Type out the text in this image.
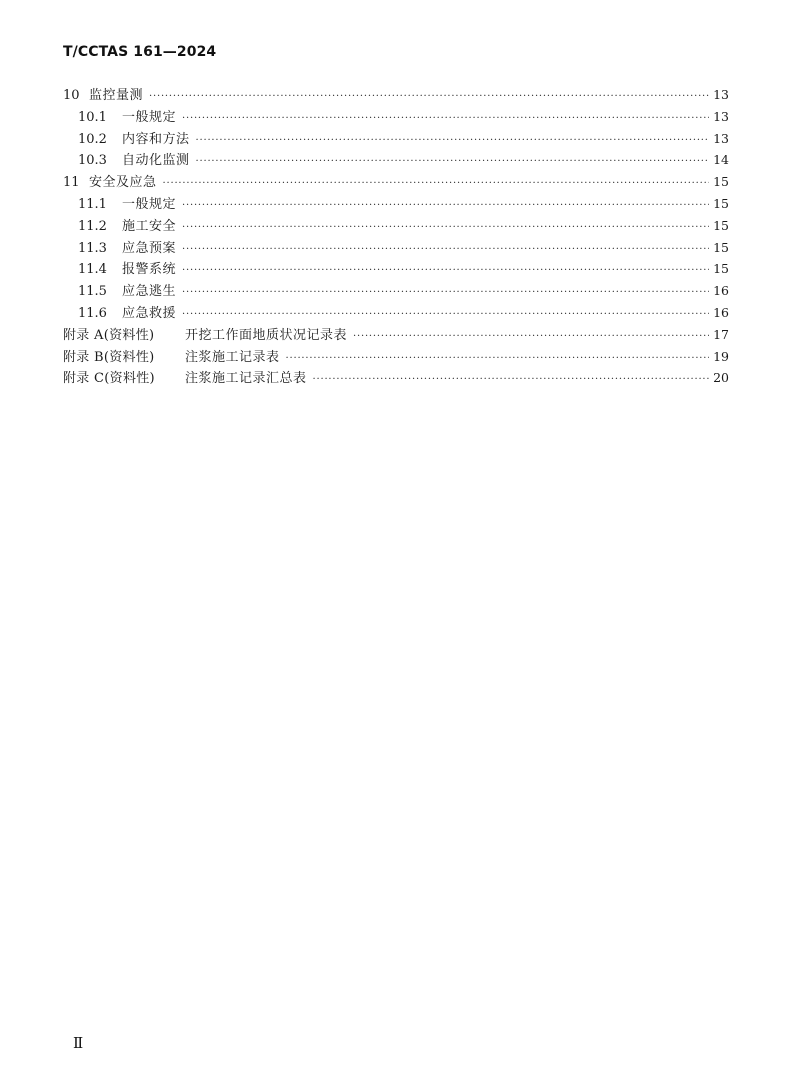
T/CCTAS 161—2024
10 监控量测 ·····	13
10.1	一般规定 ·····	13
10.2	内容和方法 ·····	13
10.3	自动化监测 ·····	14
11 安全及应急 ·····	15
11.1	一般规定 ·····	15
11.2	施工安全 ·····	15
11.3	应急预案 ·····	15
11.4	报警系统 ·····	15
11.5	应急逃生 ·····	16
11.6	应急救援 ·····	16
附录 A(资料性)	开挖工作面地质状况记录表 ·····	17
附录 B(资料性)	注浆施工记录表 ·····	19
附录 C(资料性)	注浆施工记录汇总表 ·····	20
Ⅱ
